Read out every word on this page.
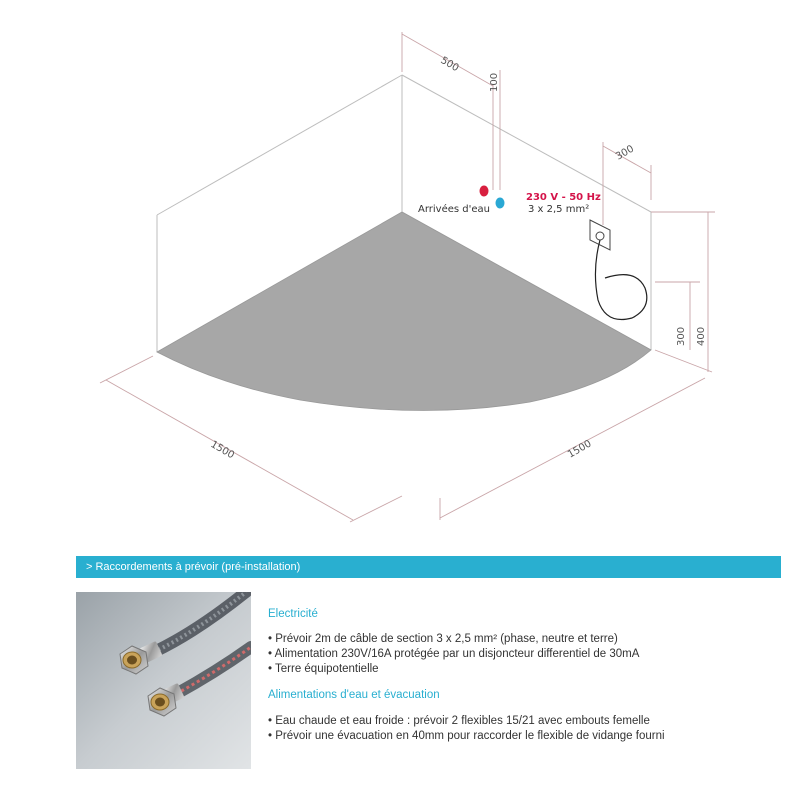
Arrivées d'eau
230 V - 50 Hz
3 x 2,5 mm²
500
100
300
300 400
1500	1500
> Raccordements à prévoir (pré-installation)
Electricité
• Prévoir 2m de câble de section 3 x 2,5 mm² (phase, neutre et terre)
• Alimentation 230V/16A protégée par un disjoncteur differentiel de 30mA
• Terre équipotentielle
Alimentations d'eau et évacuation
• Eau chaude et eau froide : prévoir 2 flexibles 15/21 avec embouts femelle
• Prévoir une évacuation en 40mm pour raccorder le flexible de vidange fourni
